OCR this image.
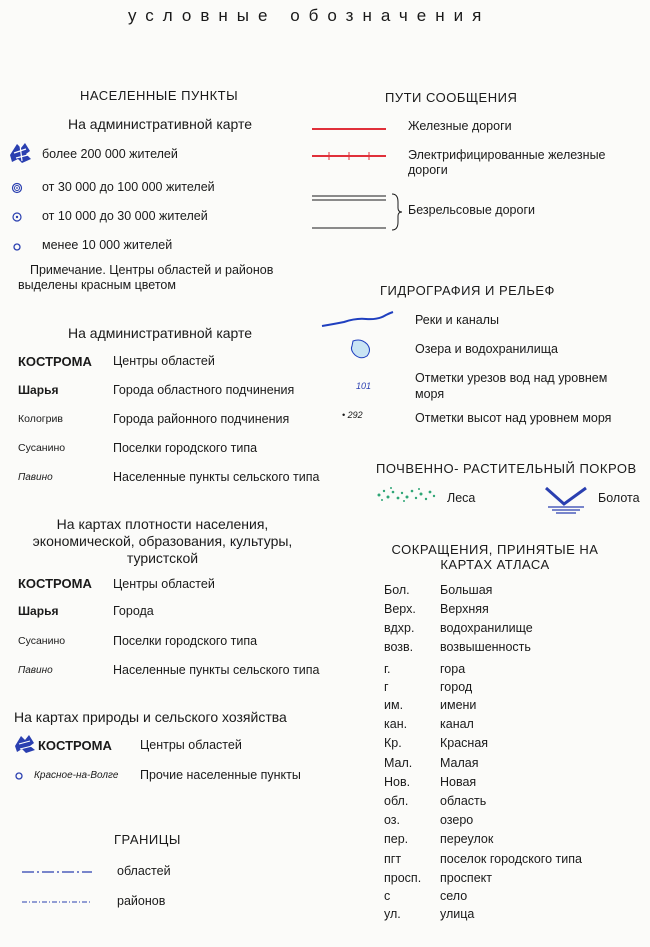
условные обозначения
НАСЕЛЕННЫЕ ПУНКТЫ
На административной карте
более 200 000 жителей
от 30 000 до 100 000 жителей
от 10 000 до 30 000 жителей
менее 10 000 жителей
Примечание. Центры областей и районов
выделены красным цветом
На административной карте
КОСТРОМА Центры областей
Шарья	Города областного подчинения
Кологрив	Города районного подчинения
Сусанино	Поселки городского типа
Павино	Населенные пункты сельского типа
На картах плотности населения,
экономической, образования, культуры,
туристской
КОСТРОМА Центры областей
Шарья	Города
Сусанино	Поселки городского типа
Павино	Населенные пункты сельского типа
На картах природы и сельского хозяйства
КОСТРОМА Центры областей
Красное-на-Волге Прочие населенные пункты
ГРАНИЦЫ
областей
районов
ПУТИ СООБЩЕНИЯ
Железные дороги
Электрифицированные железные
дороги
Безрельсовые дороги
ГИДРОГРАФИЯ И РЕЛЬЕФ
Реки и каналы
Озера и водохранилища
101
Отметки урезов вод над уровнем
моря
• 292	Отметки высот над уровнем моря
ПОЧВЕННО- РАСТИТЕЛЬНЫЙ ПОКРОВ
Леса	Болота
СОКРАЩЕНИЯ, ПРИНЯТЫЕ НА
КАРТАХ АТЛАСА
Бол. Большая
Верх. Верхняя
вдхр. водохранилище
возв. возвышенность
г.	гора
г	город
им.	имени
кан.	канал
Кр.	Красная
Мал. Малая
Нов. Новая
обл.	область
оз.	озеро
пер.	переулок
пгт	поселок городского типа
просп. проспект
с	село
ул.	улица
